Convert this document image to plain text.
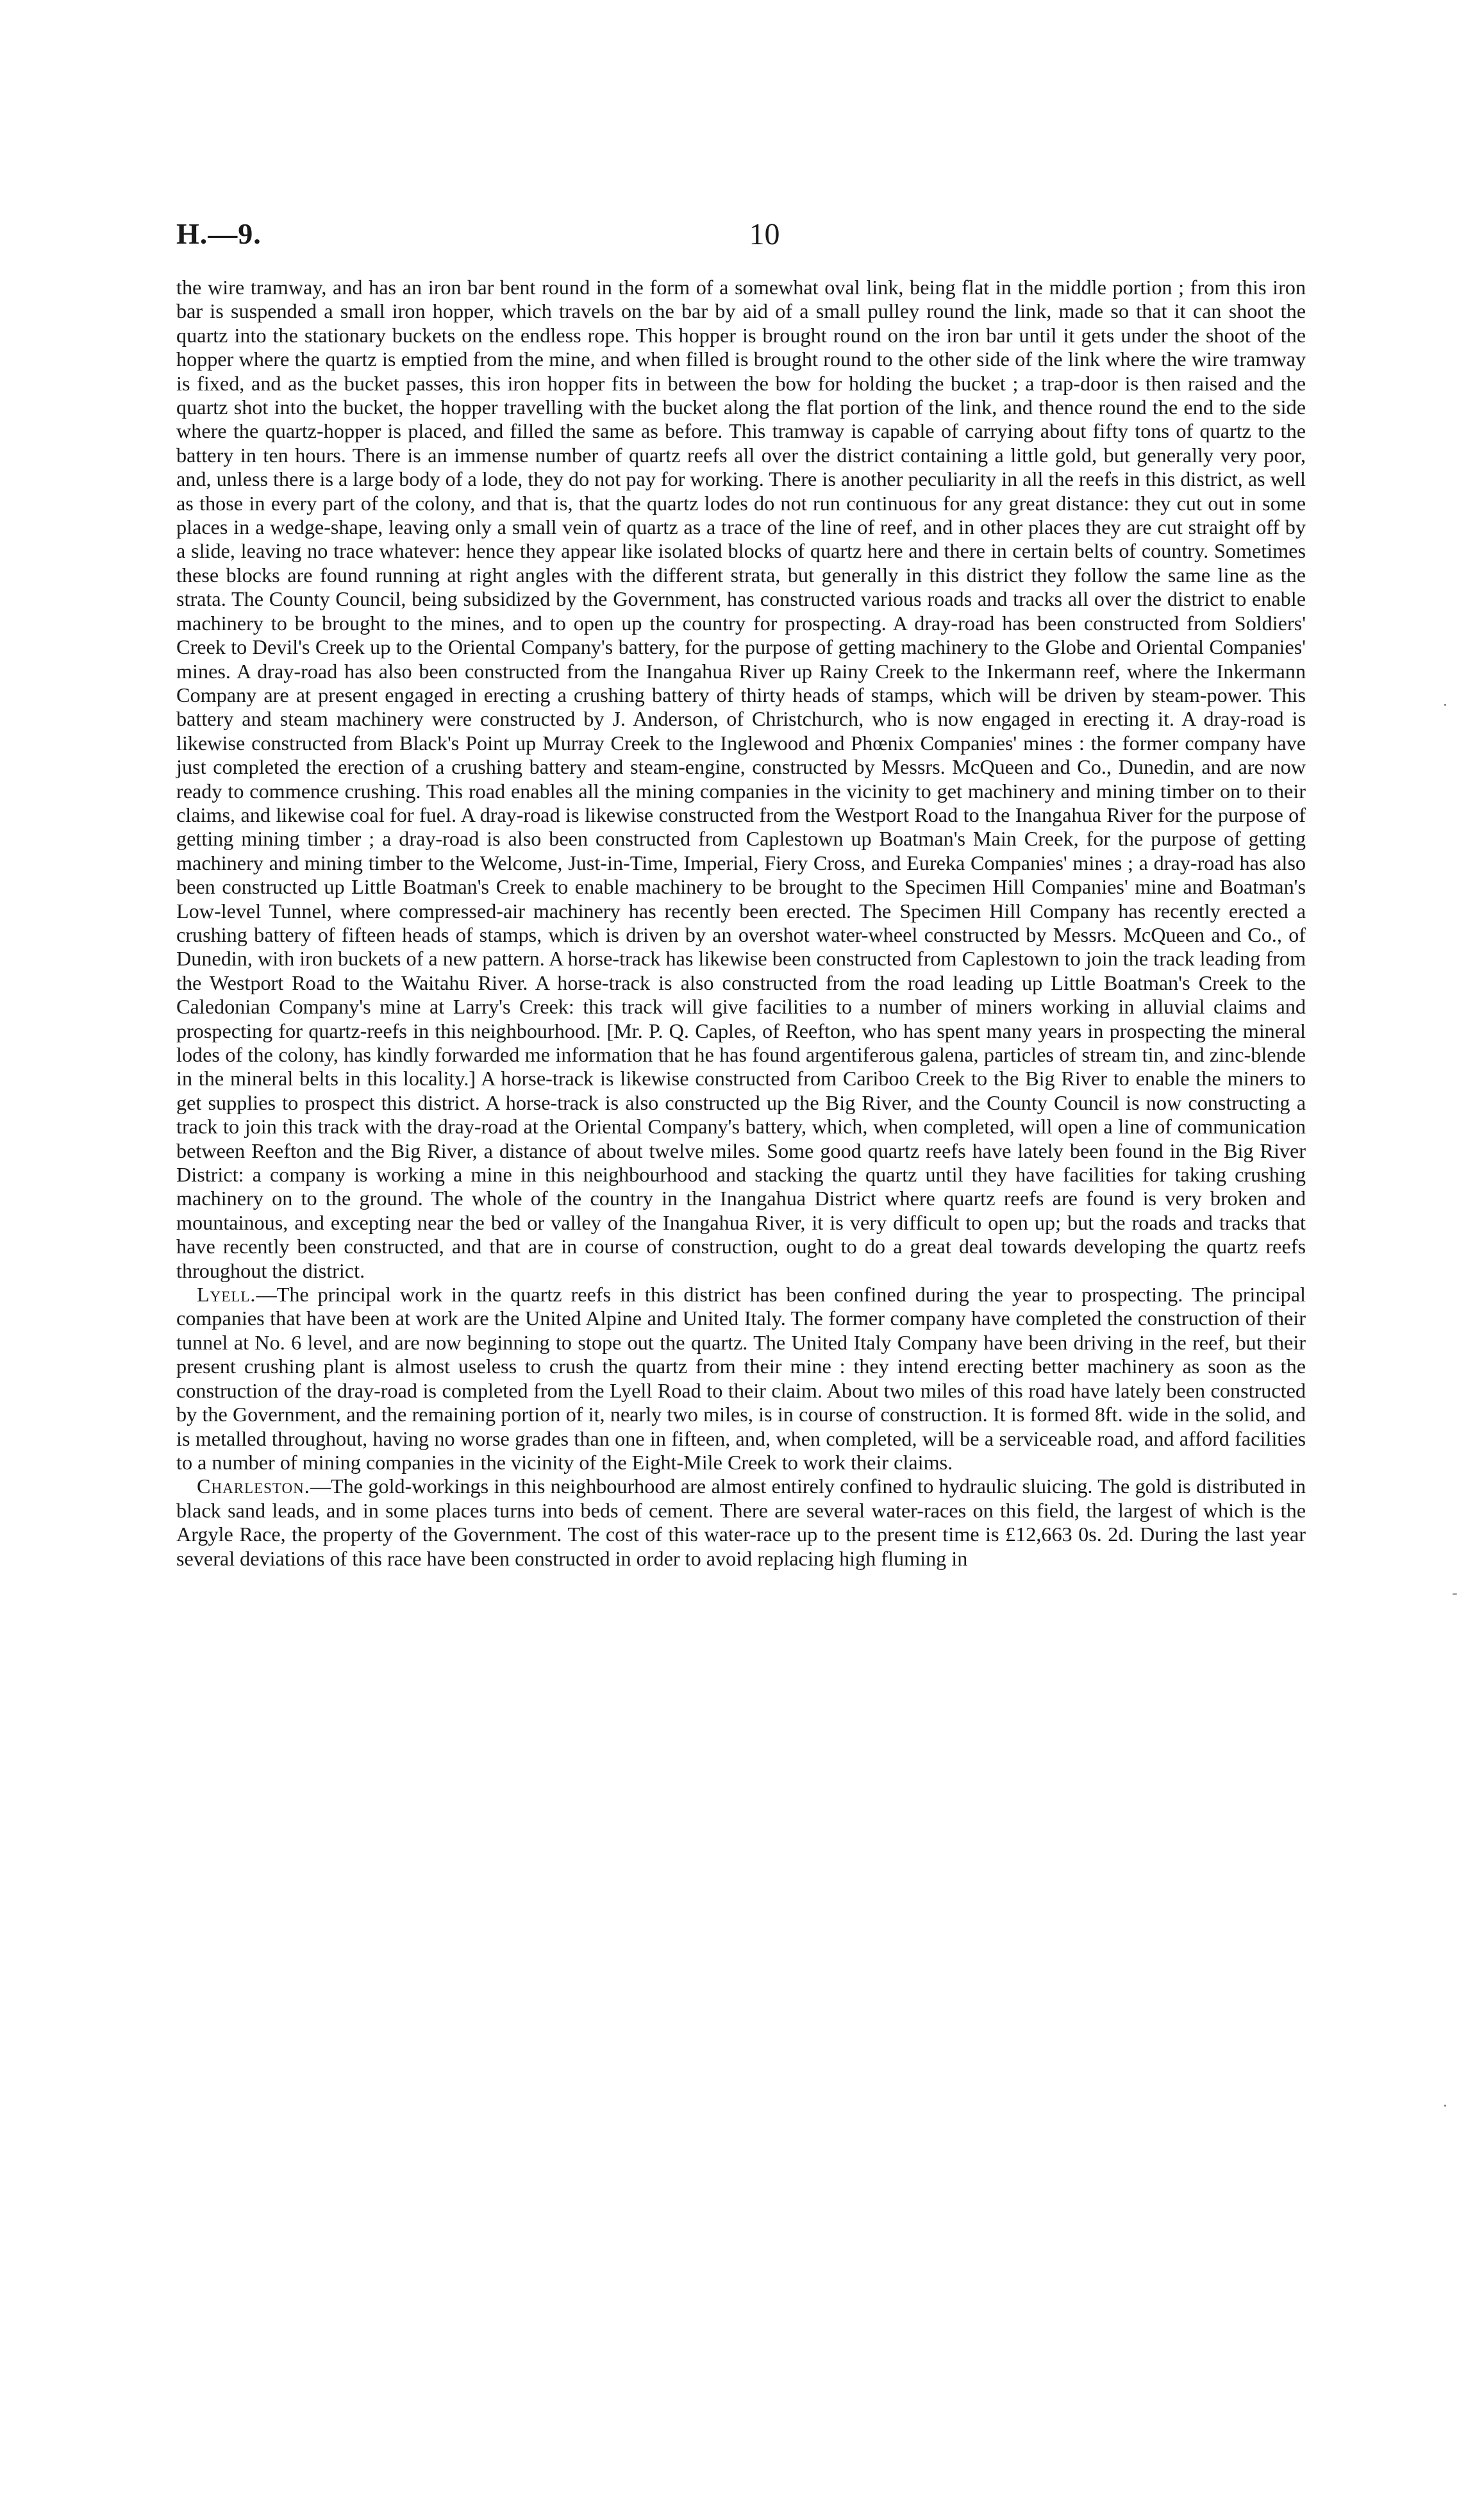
H.—9.	10

the wire tramway, and has an iron bar bent round in the form of a somewhat oval link, being flat in the middle portion ; from this iron bar is suspended a small iron hopper, which travels on the bar by aid of a small pulley round the link, made so that it can shoot the quartz into the stationary buckets on the endless rope. This hopper is brought round on the iron bar until it gets under the shoot of the hopper where the quartz is emptied from the mine, and when filled is brought round to the other side of the link where the wire tramway is fixed, and as the bucket passes, this iron hopper fits in between the bow for holding the bucket ; a trap-door is then raised and the quartz shot into the bucket, the hopper travelling with the bucket along the flat portion of the link, and thence round the end to the side where the quartz-hopper is placed, and filled the same as before. This tramway is capable of carrying about fifty tons of quartz to the battery in ten hours. There is an immense number of quartz reefs all over the district containing a little gold, but generally very poor, and, unless there is a large body of a lode, they do not pay for working. There is another peculiarity in all the reefs in this district, as well as those in every part of the colony, and that is, that the quartz lodes do not run continuous for any great distance: they cut out in some places in a wedge-shape, leaving only a small vein of quartz as a trace of the line of reef, and in other places they are cut straight off by a slide, leaving no trace whatever: hence they appear like isolated blocks of quartz here and there in certain belts of country. Sometimes these blocks are found running at right angles with the different strata, but generally in this district they follow the same line as the strata. The County Council, being subsidized by the Government, has constructed various roads and tracks all over the district to enable machinery to be brought to the mines, and to open up the country for prospecting. A dray-road has been constructed from Soldiers' Creek to Devil's Creek up to the Oriental Company's battery, for the purpose of getting machinery to the Globe and Oriental Companies' mines. A dray-road has also been constructed from the Inangahua River up Rainy Creek to the Inkermann reef, where the Inkermann Company are at present engaged in erecting a crushing battery of thirty heads of stamps, which will be driven by steam-power. This battery and steam machinery were constructed by J. Anderson, of Christchurch, who is now engaged in erecting it. A dray-road is likewise constructed from Black's Point up Murray Creek to the Inglewood and Phœnix Companies' mines : the former company have just completed the erection of a crushing battery and steam-engine, constructed by Messrs. McQueen and Co., Dunedin, and are now ready to commence crushing. This road enables all the mining companies in the vicinity to get machinery and mining timber on to their claims, and likewise coal for fuel. A dray-road is likewise constructed from the Westport Road to the Inangahua River for the purpose of getting mining timber ; a dray-road is also been constructed from Caplestown up Boatman's Main Creek, for the purpose of getting machinery and mining timber to the Welcome, Just-in-Time, Imperial, Fiery Cross, and Eureka Companies' mines ; a dray-road has also been constructed up Little Boatman's Creek to enable machinery to be brought to the Specimen Hill Companies' mine and Boatman's Low-level Tunnel, where compressed-air machinery has recently been erected. The Specimen Hill Company has recently erected a crushing battery of fifteen heads of stamps, which is driven by an overshot water-wheel constructed by Messrs. McQueen and Co., of Dunedin, with iron buckets of a new pattern. A horse-track has likewise been constructed from Caplestown to join the track leading from the Westport Road to the Waitahu River. A horse-track is also constructed from the road leading up Little Boatman's Creek to the Caledonian Company's mine at Larry's Creek: this track will give facilities to a number of miners working in alluvial claims and prospecting for quartz-reefs in this neighbourhood. [Mr. P. Q. Caples, of Reefton, who has spent many years in prospecting the mineral lodes of the colony, has kindly forwarded me information that he has found argentiferous galena, particles of stream tin, and zinc-blende in the mineral belts in this locality.] A horse-track is likewise constructed from Cariboo Creek to the Big River to enable the miners to get supplies to prospect this district. A horse-track is also constructed up the Big River, and the County Council is now constructing a track to join this track with the dray-road at the Oriental Company's battery, which, when completed, will open a line of communication between Reefton and the Big River, a distance of about twelve miles. Some good quartz reefs have lately been found in the Big River District: a company is working a mine in this neighbourhood and stacking the quartz until they have facilities for taking crushing machinery on to the ground. The whole of the country in the Inangahua District where quartz reefs are found is very broken and mountainous, and excepting near the bed or valley of the Inangahua River, it is very difficult to open up; but the roads and tracks that have recently been constructed, and that are in course of construction, ought to do a great deal towards developing the quartz reefs throughout the district.

Lyell.—The principal work in the quartz reefs in this district has been confined during the year to prospecting. The principal companies that have been at work are the United Alpine and United Italy. The former company have completed the construction of their tunnel at No. 6 level, and are now beginning to stope out the quartz. The United Italy Company have been driving in the reef, but their present crushing plant is almost useless to crush the quartz from their mine : they intend erecting better machinery as soon as the construction of the dray-road is completed from the Lyell Road to their claim. About two miles of this road have lately been constructed by the Government, and the remaining portion of it, nearly two miles, is in course of construction. It is formed 8ft. wide in the solid, and is metalled throughout, having no worse grades than one in fifteen, and, when completed, will be a serviceable road, and afford facilities to a number of mining companies in the vicinity of the Eight-Mile Creek to work their claims.

Charleston.—The gold-workings in this neighbourhood are almost entirely confined to hydraulic sluicing. The gold is distributed in black sand leads, and in some places turns into beds of cement. There are several water-races on this field, the largest of which is the Argyle Race, the property of the Government. The cost of this water-race up to the present time is £12,663 0s. 2d. During the last year several deviations of this race have been constructed in order to avoid replacing high fluming in

·
‑
·
